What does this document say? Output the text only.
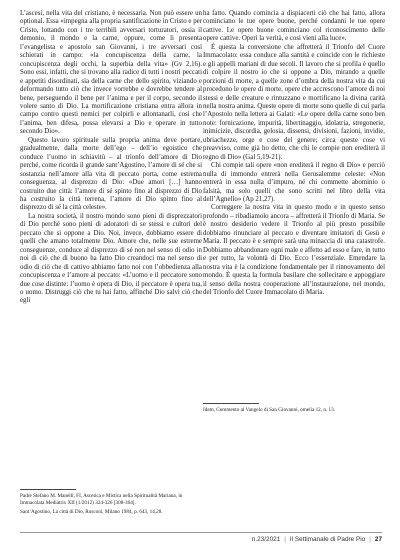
L’ascesi, nella vita del cristiano, è necessaria. Non può essere un optional. Essa «impegna alla propria santificazione in Cristo e per Cristo, lottando con i tre terribili avversari torturatori, ossia il demonio, il mondo e la carne, oppure, come li presenta l’evangelista e apostolo san Giovanni, i tre avversari così schierati in campo: «la concupiscenza della carne, la concupiscenza degli occhi, la superbia della vita» (Gv 2,16). Sono essi, infatti, che si trovano alla radice di tutti i nostri peccati e appetiti disordinati, sia della carne che dello spirito, viziando e deformando tutto ciò che invece vorrebbe e dovrebbe tendere al bene, perseguendo il bene per l’anima e per il corpo, secondo il volere santo di Dio. La mortificazione cristiana entra allora in campo contro questi nemici per colpirli e allontanarli, così che l’anima, ben difesa, possa elevarsi a Dio e operare in tutto secondo Dio».

Questo lavoro spirituale sulla propria anima deve portare, gradualmente, dalla morte dell’ego – dell’io egoistico che conduce l’uomo in schiavitù – al trionfo dell’amore di Dio perché, come ricorda il grande sant’Agostino, l’amore di sé che si sostanzia nell’amore alla vita di peccato porta, come estrema conseguenza, al disprezzo di Dio: «Due amori […] hanno costruito due città: l’amore di sé spinto fino al disprezzo di Dio ha costruito la città terrena, l’amore di Dio spinto fino al disprezzo di sé la città celeste».

La nostra società, il nostro mondo sono pieni di disprezzatori di Dio perché sono pieni di adoratori di se stessi e cultori del peccato che si oppone a Dio. Noi, invece, dobbiamo essere di quelli che amano totalmente Dio. Amore che, nelle sue estreme conseguenze, conduce al disprezzo di sé non nel senso di odio in noi di ciò che di buono ha fatto Dio creandoci ma nel senso di odio di ciò che di cattivo abbiamo fatto noi con l’obbedienza alla concupiscenza e l’amore al peccato: «L’uomo e il peccatore sono due cose distinte: l’uomo è opera di Dio, il peccatore è opera tua, o uomo. Distruggi ciò che tu hai fatto, affinché Dio salvi ciò che egli

ha fatto. Quando comincia a dispiacerti ciò che hai fatto, allora cominciano le tue opere buone, perché condanni le tue opere cattive. Le opere buone cominciano col riconoscimento delle opere cattive. Operi la verità, e così vieni alla luce».

È questa la conversione che affretterà il Trionfo del Cuore Immacolato: essa conduce alla santità e coincide con le richieste e gli appelli mariani di due secoli. Il lavoro che si profila è quello di colpire il nostro io che si oppone a Dio, mirando a quelle porzioni di morte, a quelle zone d’ombra della nostra vita da cui procedono le opere di morte, opere che accrescono l’amore di noi stessi e delle creature e rintuzzano e mortificano la divina carità nella nostra anima. Queste opere di morte sono quelle di cui parla l’Apostolo nella lettera ai Galati: «Le opere della carne sono ben note: fornicazione, impurità, libertinaggio, idolatria, stregonerie, inimicizie, discordia, gelosia, dissensi, divisioni, fazioni, invidie, ubriachezze, orge e cose del genere; circa queste cose vi preavviso, come già ho detto, che chi le compie non erediterà il regno di Dio» (Gal 5,19-21).

Chi compie tali opere «non erediterà il regno di Dio» e perciò nulla di immondo entrerà nella Gerusalemme celeste: «Non entrerà in essa nulla d’impuro, né chi commette abominio o falsità, ma solo quelli che sono scritti nel libro della vita dell’Agnello» (Ap 21,27).

Correggere la nostra vita in questo modo e in questo senso profondo – ribadiamolo ancora – affretterà il Trionfo di Maria. Se è nostro desiderio vedere il Trionfo al più presto possibile dobbiamo rinunciare al peccato e diventare imitatori di Gesù e Maria. Il peccato è e sempre sarà una minaccia di una catastrofe. Dobbiamo abbandonare ogni male e affetto ad esso e fare, in tutto e per tutto, la volontà di Dio. Ecco l’essenziale. Emendare la nostra vita è la condizione fondamentale per il rinnovamento del mondo. È questa la formula basilare che sollecitare e appoggiare il senso della nostra cooperazione all’instaurazione, nel mondo, del Trionfo del Cuore Immacolato di Maria.

Padre Stefano M. Manelli, FI, Ascetica e Mistica nella Spiritualità Mariana, in Immacolata Mediatrix XII (1/2012) 324-326 [308-364].

Sant’Agostino, La città di Dio, Rusconi, Milano 1984, p. 643, 14,28.

Idem, Commento al Vangelo di San Giovanni, omelia 12, n. 13.

n.23/2021 | Il Settimanale di Padre Pio | 27
